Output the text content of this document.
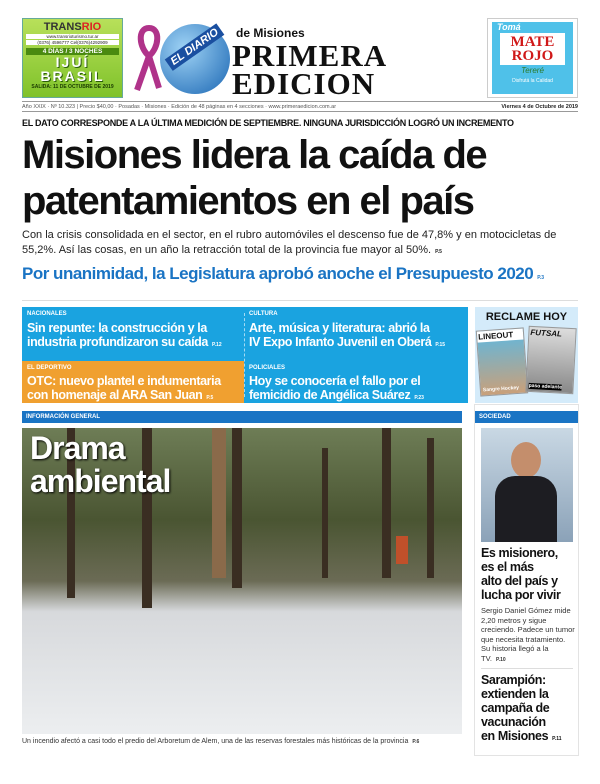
TRANSRIO
www.transrioturismo.tur.ar
(0376) 4596777 Cel(0376)4292909
4 DÍAS / 3 NOCHES
IJUÍ
BRASIL
SALIDA: 11 DE OCTUBRE DE 2019
EL DIARIO	de Misiones
PRIMERA
EDICION
Tomá
MATE
ROJO
Tereré
Disfrutá la Calidad
Año XXIX · Nº 10.323 | Precio $40,00 · Posadas · Misiones · Edición de 48 páginas en 4 secciones · www.primeraedicion.com.ar	Viernes 4 de Octubre de 2019
EL DATO CORRESPONDE A LA ÚLTIMA MEDICIÓN DE SEPTIEMBRE. NINGUNA JURISDICCIÓN LOGRÓ UN INCREMENTO
Misiones lidera la caída de
patentamientos en el país
Con la crisis consolidada en el sector, en el rubro automóviles el descenso fue de 47,8% y en motocicletas de 55,2%. Así las cosas, en un año la retracción total de la provincia fue mayor al 50%. P.5
Por unanimidad, la Legislatura aprobó anoche el Presupuesto 2020 P.3
NACIONALES
Sin repunte: la construcción y la
industria profundizaron su caída P.12
CULTURA
Arte, música y literatura: abrió la
IV Expo Infanto Juvenil en Oberá P.15
EL DEPORTIVO
OTC: nuevo plantel e indumentaria
con homenaje al ARA San Juan P.5
POLICIALES
Hoy se conocería el fallo por el
femicidio de Angélica Suárez P.23
RECLAME HOY
LINEOUT
Sangre Hockey
FUTSAL
paso adelante
INFORMACIÓN GENERAL
Drama
ambiental
Un incendio afectó a casi todo el predio del Arboretum de Alem, una de las reservas forestales más históricas de la provincia P.6
SOCIEDAD
Es misionero,
es el más
alto del país y
lucha por vivir
Sergio Daniel Gómez mide 2,20 metros y sigue creciendo. Padece un tumor que necesita tratamiento. Su historia llegó a la TV. P.10
Sarampión:
extienden la
campaña de
vacunación
en Misiones P.11
